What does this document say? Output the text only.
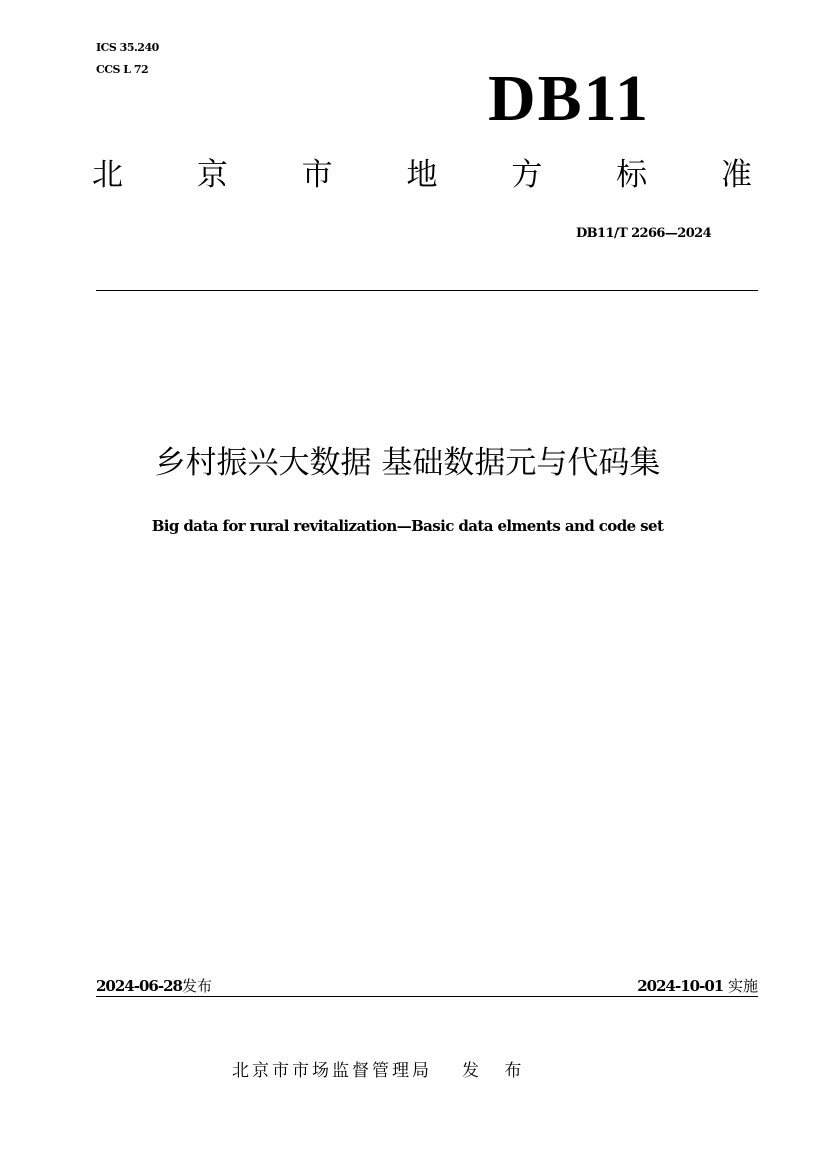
ICS 35.240
CCS L 72	DB11
北 京 市 地 方 标 准
DB11/T 2266—2024
乡村振兴大数据 基础数据元与代码集
Big data for rural revitalization—Basic data elments and code set
2024-06-28发布	2024-10-01 实施
北京市市场监督管理局 发 布
